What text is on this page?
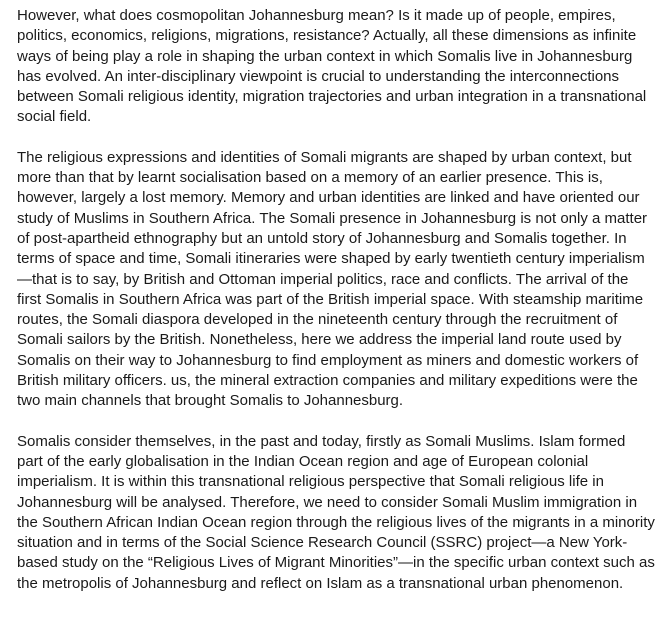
However, what does cosmopolitan Johannesburg mean? Is it made up of people, empires, politics, economics, religions, migrations, resistance? Actually, all these dimensions as infinite ways of being play a role in shaping the urban context in which Somalis live in Johannesburg has evolved. An inter-disciplinary viewpoint is crucial to understanding the interconnections between Somali religious identity, migration trajectories and urban integration in a transnational social field.

The religious expressions and identities of Somali migrants are shaped by urban context, but more than that by learnt socialisation based on a memory of an earlier presence. This is, however, largely a lost memory. Memory and urban identities are linked and have oriented our study of Muslims in Southern Africa. The Somali presence in Johannesburg is not only a matter of post-apartheid ethnography but an untold story of Johannesburg and Somalis together. In terms of space and time, Somali itineraries were shaped by early twentieth century imperialism—that is to say, by British and Ottoman imperial politics, race and conflicts. The arrival of the first Somalis in Southern Africa was part of the British imperial space. With steamship maritime routes, the Somali diaspora developed in the nineteenth century through the recruitment of Somali sailors by the British. Nonetheless, here we address the imperial land route used by Somalis on their way to Johannesburg to find employment as miners and domestic workers of British military officers. us, the mineral extraction companies and military expeditions were the two main channels that brought Somalis to Johannesburg.

Somalis consider themselves, in the past and today, firstly as Somali Muslims. Islam formed part of the early globalisation in the Indian Ocean region and age of European colonial imperialism. It is within this transnational religious perspective that Somali religious life in Johannesburg will be analysed. Therefore, we need to consider Somali Muslim immigration in the Southern African Indian Ocean region through the religious lives of the migrants in a minority situation and in terms of the Social Science Research Council (SSRC) project—a New York-based study on the “Religious Lives of Migrant Minorities”—in the specific urban context such as the metropolis of Johannesburg and reflect on Islam as a transnational urban phenomenon.
